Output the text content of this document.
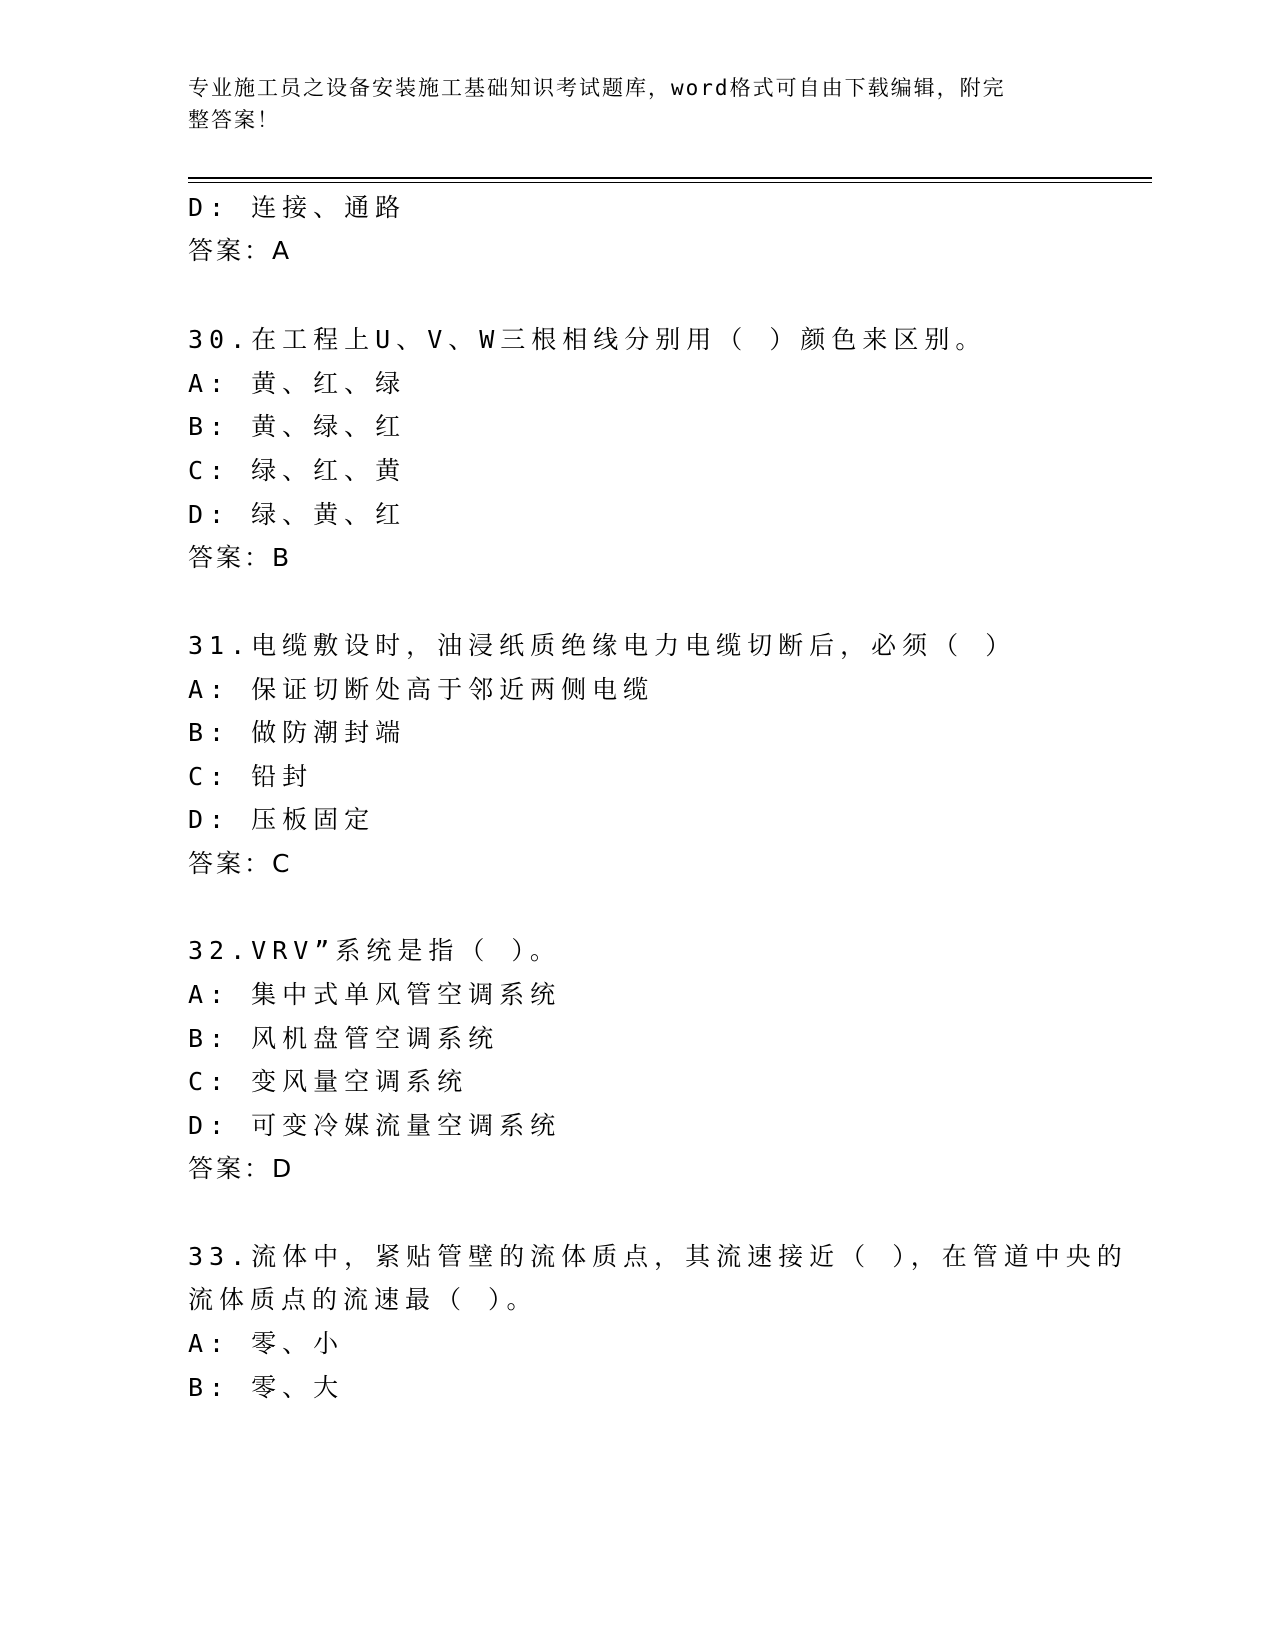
专业施工员之设备安装施工基础知识考试题库，word格式可自由下载编辑，附完
整答案！
D: 连接、通路
答案：A
30.在工程上U、V、W三根相线分别用（ ）颜色来区别。
A: 黄、红、绿
B: 黄、绿、红
C: 绿、红、黄
D: 绿、黄、红
答案：B
31.电缆敷设时，油浸纸质绝缘电力电缆切断后，必须（ ）
A: 保证切断处高于邻近两侧电缆
B: 做防潮封端
C: 铅封
D: 压板固定
答案：C
32.VRV”系统是指（ ）。
A: 集中式单风管空调系统
B: 风机盘管空调系统
C: 变风量空调系统
D: 可变冷媒流量空调系统
答案：D
33.流体中，紧贴管壁的流体质点，其流速接近（ ），在管道中央的
流体质点的流速最（ ）。
A: 零、小
B: 零、大
